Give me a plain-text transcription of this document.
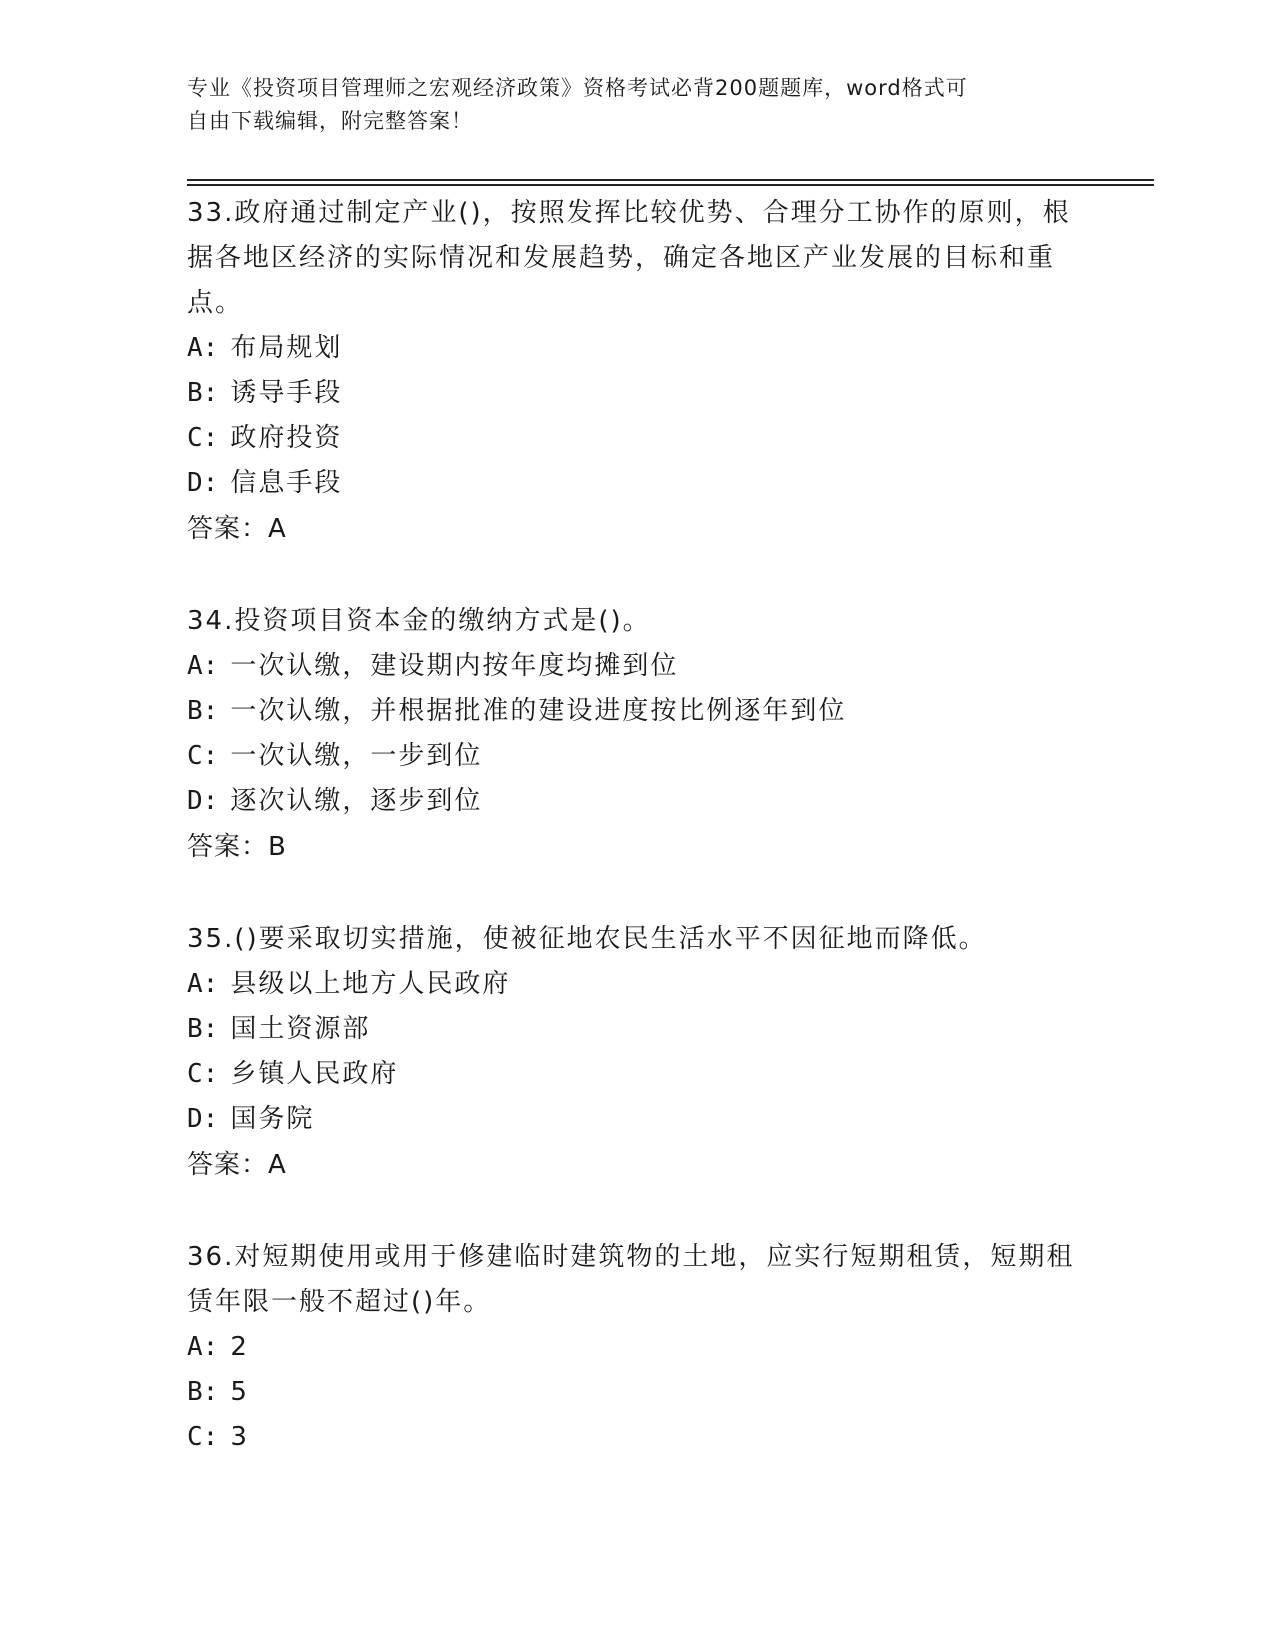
专业《投资项目管理师之宏观经济政策》资格考试必背200题题库，word格式可
自由下载编辑，附完整答案！

33.政府通过制定产业()，按照发挥比较优势、合理分工协作的原则，根据各地区经济的实际情况和发展趋势，确定各地区产业发展的目标和重点。

A: 布局规划

B: 诱导手段

C: 政府投资

D: 信息手段

答案：A

34.投资项目资本金的缴纳方式是()。

A: 一次认缴，建设期内按年度均摊到位

B: 一次认缴，并根据批准的建设进度按比例逐年到位

C: 一次认缴，一步到位

D: 逐次认缴，逐步到位

答案：B

35.()要采取切实措施，使被征地农民生活水平不因征地而降低。

A: 县级以上地方人民政府

B: 国土资源部

C: 乡镇人民政府

D: 国务院

答案：A

36.对短期使用或用于修建临时建筑物的土地，应实行短期租赁，短期租赁年限一般不超过()年。

A: 2

B: 5

C: 3
